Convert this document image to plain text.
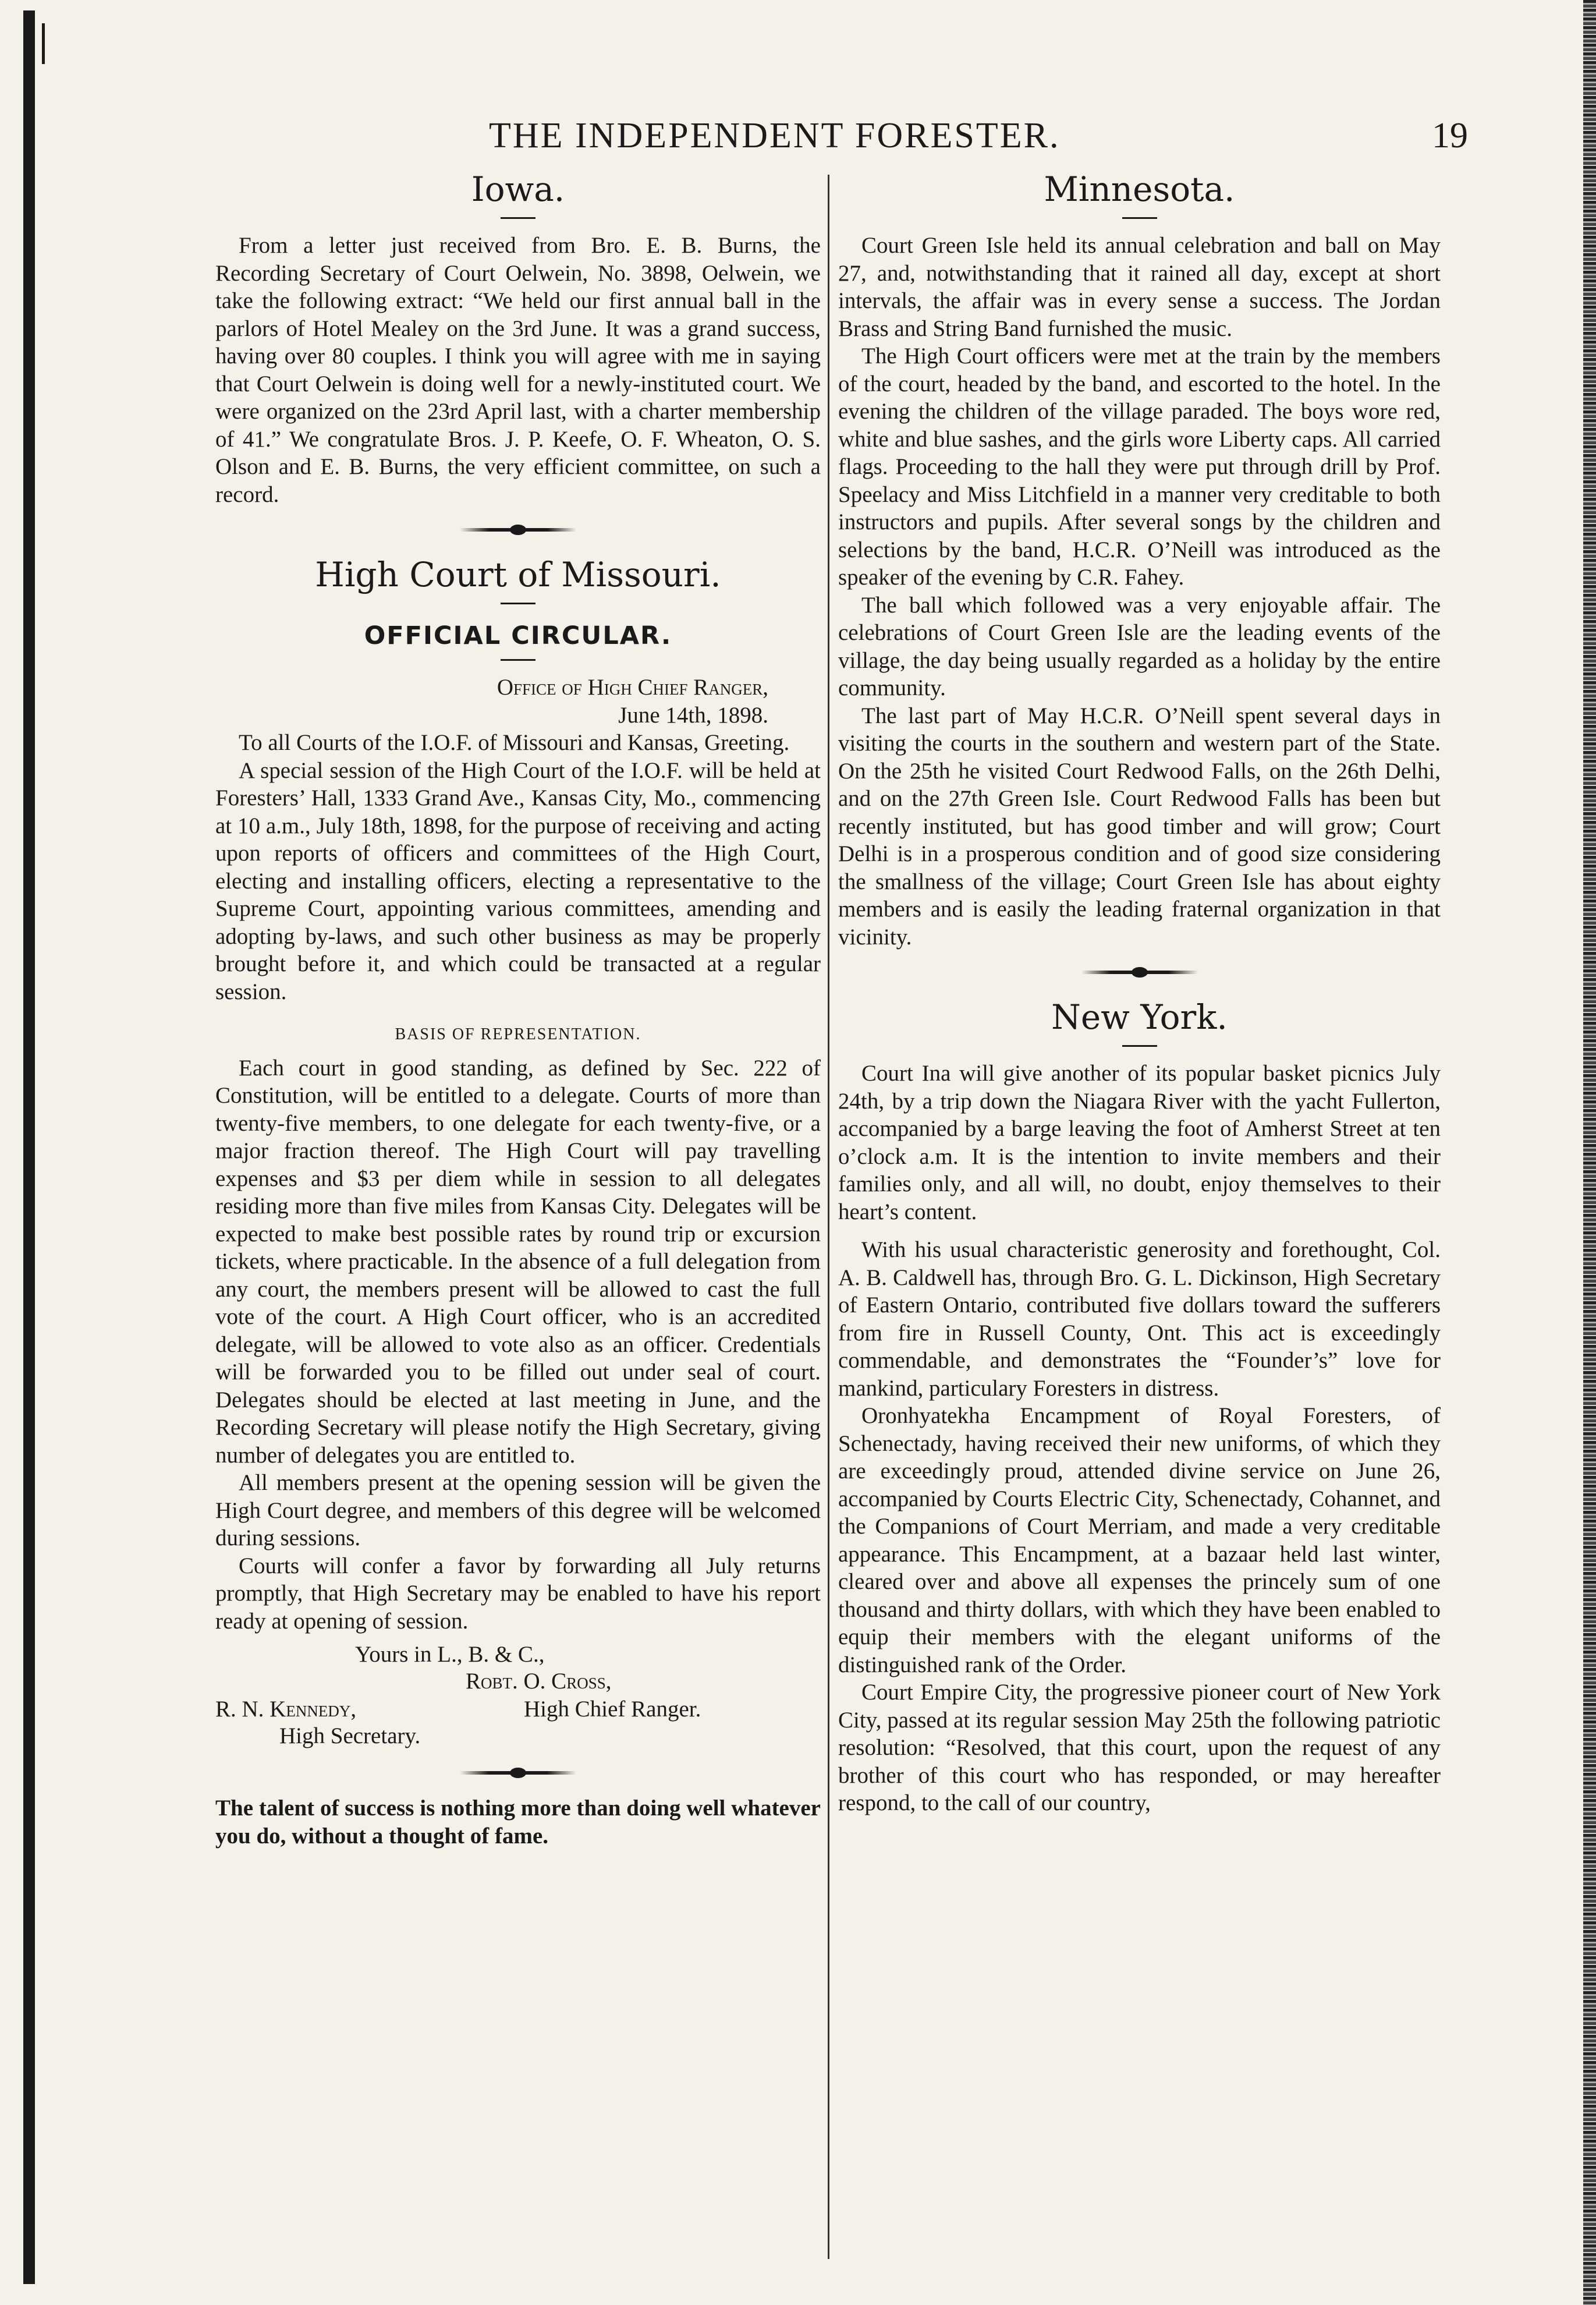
THE INDEPENDENT FORESTER.	19
Iowa.

From a letter just received from Bro. E. B. Burns, the Recording Secretary of Court Oelwein, No. 3898, Oelwein, we take the following extract: “We held our first annual ball in the parlors of Hotel Mealey on the 3rd June. It was a grand success, having over 80 couples. I think you will agree with me in saying that Court Oelwein is doing well for a newly-instituted court. We were organized on the 23rd April last, with a charter membership of 41.” We congratulate Bros. J. P. Keefe, O. F. Wheaton, O. S. Olson and E. B. Burns, the very efficient committee, on such a record.

High Court of Missouri.
OFFICIAL CIRCULAR.
Office of High Chief Ranger,
June 14th, 1898.

To all Courts of the I.O.F. of Missouri and Kansas, Greeting.

A special session of the High Court of the I.O.F. will be held at Foresters’ Hall, 1333 Grand Ave., Kansas City, Mo., commencing at 10 a.m., July 18th, 1898, for the purpose of receiving and acting upon reports of officers and committees of the High Court, electing and installing officers, electing a representative to the Supreme Court, appointing various committees, amending and adopting by-laws, and such other business as may be properly brought before it, and which could be transacted at a regular session.

BASIS OF REPRESENTATION.

Each court in good standing, as defined by Sec. 222 of Constitution, will be entitled to a delegate. Courts of more than twenty-five members, to one delegate for each twenty-five, or a major fraction thereof. The High Court will pay travelling expenses and $3 per diem while in session to all delegates residing more than five miles from Kansas City. Delegates will be expected to make best possible rates by round trip or excursion tickets, where practicable. In the absence of a full delegation from any court, the members present will be allowed to cast the full vote of the court. A High Court officer, who is an accredited delegate, will be allowed to vote also as an officer. Credentials will be forwarded you to be filled out under seal of court. Delegates should be elected at last meeting in June, and the Recording Secretary will please notify the High Secretary, giving number of delegates you are entitled to.

All members present at the opening session will be given the High Court degree, and members of this degree will be welcomed during sessions.

Courts will confer a favor by forwarding all July returns promptly, that High Secretary may be enabled to have his report ready at opening of session.

Yours in L., B. & C.,
Robt. O. Cross,
R. N. Kennedy,	High Chief Ranger.
High Secretary.

The talent of success is nothing more than doing well whatever you do, without a thought of fame.

Minnesota.

Court Green Isle held its annual celebration and ball on May 27, and, notwithstanding that it rained all day, except at short intervals, the affair was in every sense a success. The Jordan Brass and String Band furnished the music.

The High Court officers were met at the train by the members of the court, headed by the band, and escorted to the hotel. In the evening the children of the village paraded. The boys wore red, white and blue sashes, and the girls wore Liberty caps. All carried flags. Proceeding to the hall they were put through drill by Prof. Speelacy and Miss Litchfield in a manner very creditable to both instructors and pupils. After several songs by the children and selections by the band, H.C.R. O’Neill was introduced as the speaker of the evening by C.R. Fahey.

The ball which followed was a very enjoyable affair. The celebrations of Court Green Isle are the leading events of the village, the day being usually regarded as a holiday by the entire community.

The last part of May H.C.R. O’Neill spent several days in visiting the courts in the southern and western part of the State. On the 25th he visited Court Redwood Falls, on the 26th Delhi, and on the 27th Green Isle. Court Redwood Falls has been but recently instituted, but has good timber and will grow; Court Delhi is in a prosperous condition and of good size considering the smallness of the village; Court Green Isle has about eighty members and is easily the leading fraternal organization in that vicinity.

New York.

Court Ina will give another of its popular basket picnics July 24th, by a trip down the Niagara River with the yacht Fullerton, accompanied by a barge leaving the foot of Amherst Street at ten o’clock a.m. It is the intention to invite members and their families only, and all will, no doubt, enjoy themselves to their heart’s content.

With his usual characteristic generosity and forethought, Col. A. B. Caldwell has, through Bro. G. L. Dickinson, High Secretary of Eastern Ontario, contributed five dollars toward the sufferers from fire in Russell County, Ont. This act is exceedingly commendable, and demonstrates the “Founder’s” love for mankind, particulary Foresters in distress.

Oronhyatekha Encampment of Royal Foresters, of Schenectady, having received their new uniforms, of which they are exceedingly proud, attended divine service on June 26, accompanied by Courts Electric City, Schenectady, Cohannet, and the Companions of Court Merriam, and made a very creditable appearance. This Encampment, at a bazaar held last winter, cleared over and above all expenses the princely sum of one thousand and thirty dollars, with which they have been enabled to equip their members with the elegant uniforms of the distinguished rank of the Order.

Court Empire City, the progressive pioneer court of New York City, passed at its regular session May 25th the following patriotic resolution: “Resolved, that this court, upon the request of any brother of this court who has responded, or may hereafter respond, to the call of our country,
